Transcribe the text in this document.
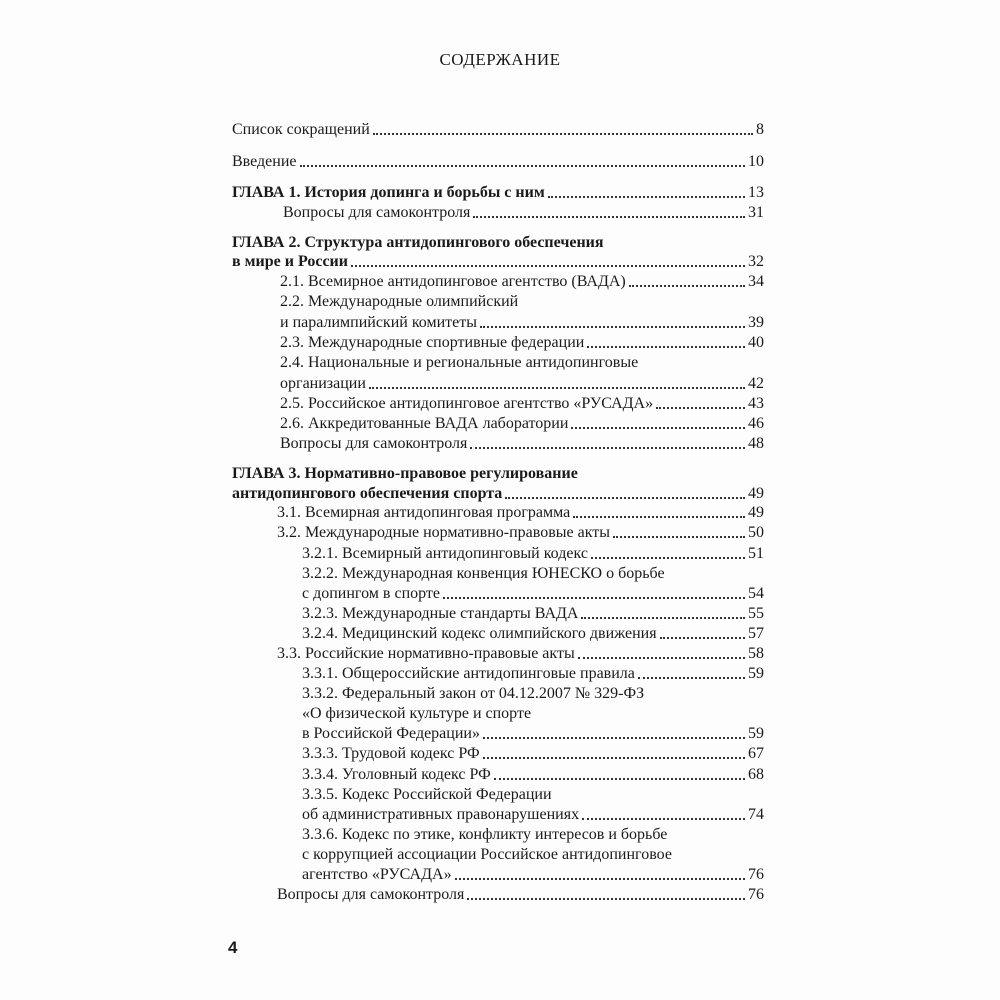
СОДЕРЖАНИЕ
Список сокращений	8
Введение	10
ГЛАВА 1. История допинга и борьбы с ним	13
Вопросы для самоконтроля	31
ГЛАВА 2. Структура антидопингового обеспечения
в мире и России	32
2.1. Всемирное антидопинговое агентство (ВАДА)	34
2.2. Международные олимпийский
и паралимпийский комитеты	39
2.3. Международные спортивные федерации	40
2.4. Национальные и региональные антидопинговые
организации	42
2.5. Российское антидопинговое агентство «РУСАДА»	43
2.6. Аккредитованные ВАДА лаборатории	46
Вопросы для самоконтроля	48
ГЛАВА 3. Нормативно-правовое регулирование
антидопингового обеспечения спорта	49
3.1. Всемирная антидопинговая программа	49
3.2. Международные нормативно-правовые акты	50
3.2.1. Всемирный антидопинговый кодекс	51
3.2.2. Международная конвенция ЮНЕСКО о борьбе
с допингом в спорте	54
3.2.3. Международные стандарты ВАДА	55
3.2.4. Медицинский кодекс олимпийского движения	57
3.3. Российские нормативно-правовые акты	58
3.3.1. Общероссийские антидопинговые правила	59
3.3.2. Федеральный закон от 04.12.2007 № 329-ФЗ
«О физической культуре и спорте
в Российской Федерации»	59
3.3.3. Трудовой кодекс РФ	67
3.3.4. Уголовный кодекс РФ	68
3.3.5. Кодекс Российской Федерации
об административных правонарушениях	74
3.3.6. Кодекс по этике, конфликту интересов и борьбе
с коррупцией ассоциации Российское антидопинговое
агентство «РУСАДА»	76
Вопросы для самоконтроля	76
4
